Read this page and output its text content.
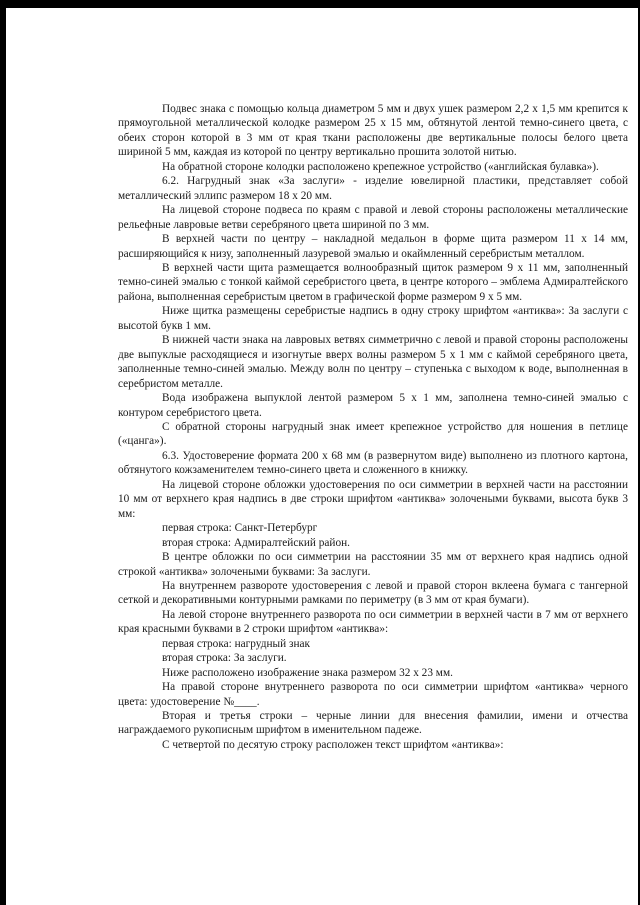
Подвес знака с помощью кольца диаметром 5 мм и двух ушек размером 2,2 х 1,5 мм крепится к прямоугольной металлической колодке размером 25 х 15 мм, обтянутой лентой темно-синего цвета, с обеих сторон которой в 3 мм от края ткани расположены две вертикальные полосы белого цвета шириной 5 мм, каждая из которой по центру вертикально прошита золотой нитью.

На обратной стороне колодки расположено крепежное устройство («английская булавка»).

6.2. Нагрудный знак «За заслуги» - изделие ювелирной пластики, представляет собой металлический эллипс размером 18 х 20 мм.

На лицевой стороне подвеса по краям с правой и левой стороны расположены металлические рельефные лавровые ветви серебряного цвета шириной по 3 мм.

В верхней части по центру – накладной медальон в форме щита размером 11 х 14 мм, расширяющийся к низу, заполненный лазуревой эмалью и окаймленный серебристым металлом.

В верхней части щита размещается волнообразный щиток размером 9 х 11 мм, заполненный темно-синей эмалью с тонкой каймой серебристого цвета, в центре которого – эмблема Адмиралтейского района, выполненная серебристым цветом в графической форме размером 9 х 5 мм.

Ниже щитка размещены серебристые надпись в одну строку шрифтом «антиква»: За заслуги с высотой букв 1 мм.

В нижней части знака на лавровых ветвях симметрично с левой и правой стороны расположены две выпуклые расходящиеся и изогнутые вверх волны размером 5 х 1 мм с каймой серебряного цвета, заполненные темно-синей эмалью. Между волн по центру – ступенька с выходом к воде, выполненная в серебристом металле.

Вода изображена выпуклой лентой размером 5 х 1 мм, заполнена темно-синей эмалью с контуром серебристого цвета.

С обратной стороны нагрудный знак имеет крепежное устройство для ношения в петлице («цанга»).

6.3. Удостоверение формата 200 х 68 мм (в развернутом виде) выполнено из плотного картона, обтянутого кожзаменителем темно-синего цвета и сложенного в книжку.

На лицевой стороне обложки удостоверения по оси симметрии в верхней части на расстоянии 10 мм от верхнего края надпись в две строки шрифтом «антиква» золочеными буквами, высота букв 3 мм:

первая строка: Санкт-Петербург

вторая строка: Адмиралтейский район.

В центре обложки по оси симметрии на расстоянии 35 мм от верхнего края надпись одной строкой «антиква» золочеными буквами: За заслуги.

На внутреннем развороте удостоверения с левой и правой сторон вклеена бумага с тангерной сеткой и декоративными контурными рамками по периметру (в 3 мм от края бумаги).

На левой стороне внутреннего разворота по оси симметрии в верхней части в 7 мм от верхнего края красными буквами в 2 строки шрифтом «антиква»:

первая строка: нагрудный знак

вторая строка: За заслуги.

Ниже расположено изображение знака размером 32 х 23 мм.

На правой стороне внутреннего разворота по оси симметрии шрифтом «антиква» черного цвета: удостоверение №____.

Вторая и третья строки – черные линии для внесения фамилии, имени и отчества награждаемого рукописным шрифтом в именительном падеже.

С четвертой по десятую строку расположен текст шрифтом «антиква»:
